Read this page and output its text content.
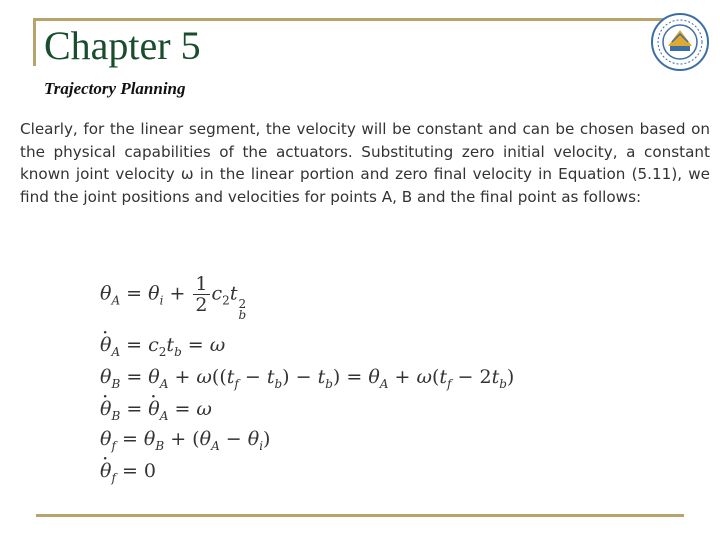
Chapter 5
Trajectory Planning

Clearly, for the linear segment, the velocity will be constant and can be chosen based on the physical capabilities of the actuators. Substituting zero initial velocity, a constant known joint velocity ω in the linear portion and zero final velocity in Equation (5.11), we find the joint positions and velocities for points A, B and the final point as follows:

$\theta_A = \theta_i + \frac{1}{2} c_2t$ 2
b
· $\theta_A = c_2t_b = \omega$
$\theta_B = \theta_A + \omega((t_f - t_b) - t_b) = \theta_A + \omega(t_f - 2t_b)$
· $\theta_B$ = · $\theta_A = \omega$
$\theta_f = \theta_B + (\theta_A - \theta_i)$
· $\theta_f = 0$
